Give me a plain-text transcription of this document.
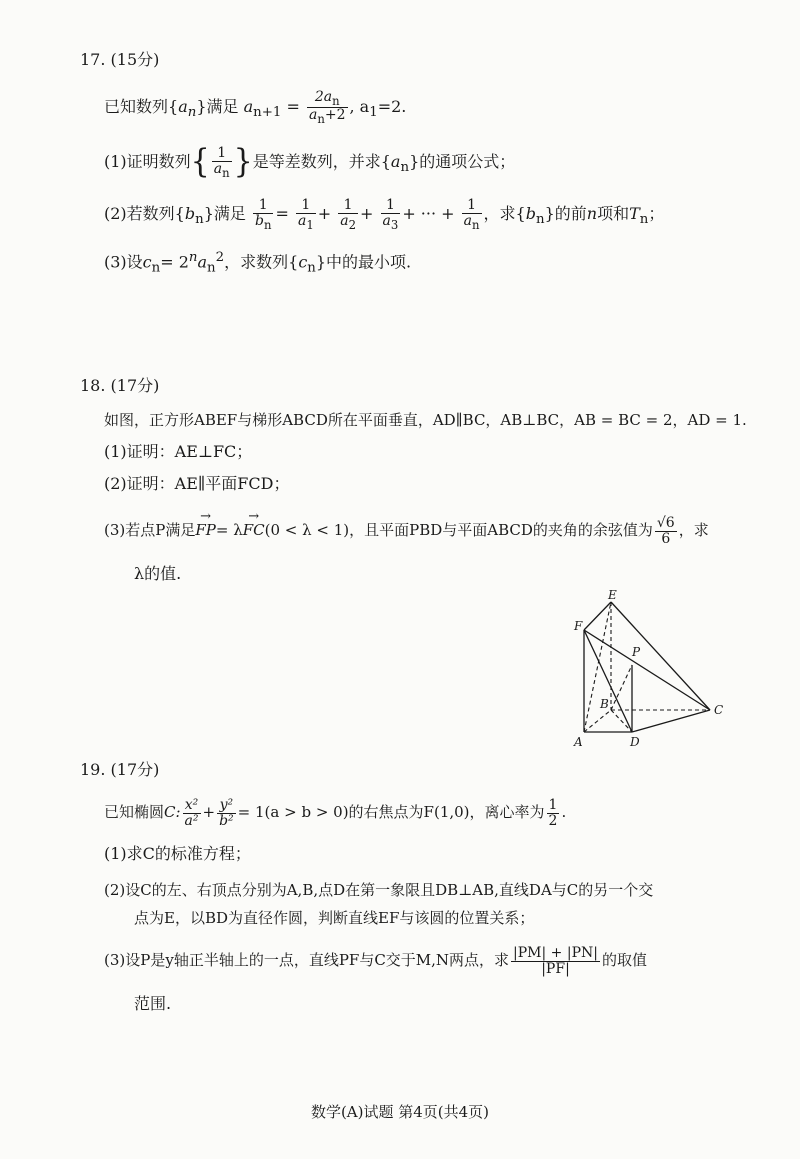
17. (15分)
已知数列$\{a_n\}$满足 $a_{n+1} = \frac{2a_n}{a_n+2}$ , $a_1=2$.
(1)证明数列{ $\frac{1}{a_n}$ }是等差数列，并求$\{a_n\}$的通项公式；
(2)若数列$\{b_n\}$满足 $\frac{1}{b_n} = \frac{1}{a_1} + \frac{1}{a_2} + \frac{1}{a_3}$ + ··· + $\frac{1}{a_n}$ ，求$\{b_n\}$的前n项和$T_n$；
(3)设$c_n= 2^na_n^2$，求数列$\{c_n\}$中的最小项.
18. (17分)
如图，正方形ABEF与梯形ABCD所在平面垂直，AD∥BC，AB⊥BC，AB = BC = 2，AD = 1.
(1)证明：AE⊥FC；
(2)证明：AE∥平面FCD；
(3)若点P满足→ FP= λ→ FC(0 < λ < 1)，且平面PBD与平面ABCD的夹角的余弦值为 $\frac{√6}{6}$ ，求
λ的值.
E
F
P
B	C
A	D
19. (17分)
已知椭圆C: $\frac{\text{x²}}{\text{a²}} + \frac{\text{y²}}{\text{b²}} = 1(a > b > 0)$的右焦点为F(1,0)，离心率为 $\frac{1}{2}$ .
(1)求C的标准方程；
(2)设C的左、右顶点分别为A,B,点D在第一象限且DB⊥AB,直线DA与C的另一个交
点为E，以BD为直径作圆，判断直线EF与该圆的位置关系；
(3)设P是y轴正半轴上的一点，直线PF与C交于M,N两点，求 $\frac{|PM| + |PN|}{|PF|}$ 的取值
范围.
数学(A)试题 第4页(共4页)
